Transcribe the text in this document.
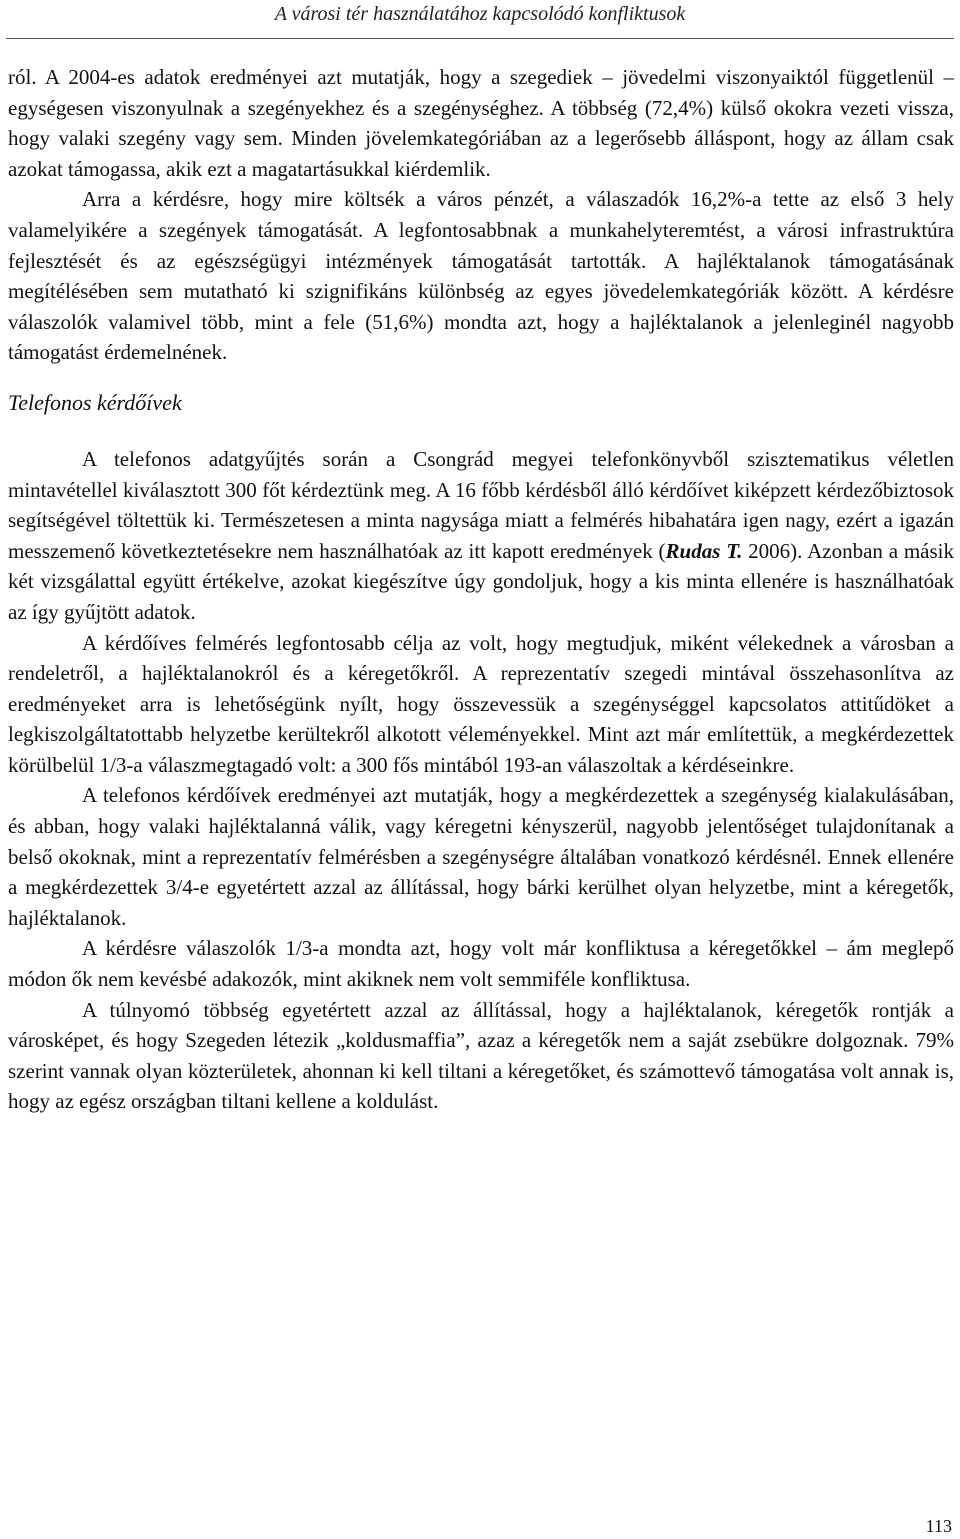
A városi tér használatához kapcsolódó konfliktusok

ról. A 2004-es adatok eredményei azt mutatják, hogy a szegediek – jövedelmi viszonyaiktól függetlenül – egységesen viszonyulnak a szegényekhez és a szegénységhez. A többség (72,4%) külső okokra vezeti vissza, hogy valaki szegény vagy sem. Minden jövelemkategóriában az a legerősebb álláspont, hogy az állam csak azokat támogassa, akik ezt a magatartásukkal kiérdemlik.

Arra a kérdésre, hogy mire költsék a város pénzét, a válaszadók 16,2%-a tette az első 3 hely valamelyikére a szegények támogatását. A legfontosabbnak a munkahelyteremtést, a városi infrastruktúra fejlesztését és az egészségügyi intézmények támogatását tartották. A hajléktalanok támogatásának megítélésében sem mutatható ki szignifikáns különbség az egyes jövedelemkategóriák között. A kérdésre válaszolók valamivel több, mint a fele (51,6%) mondta azt, hogy a hajléktalanok a jelenleginél nagyobb támogatást érdemelnének.

Telefonos kérdőívek

A telefonos adatgyűjtés során a Csongrád megyei telefonkönyvből szisztematikus véletlen mintavétellel kiválasztott 300 főt kérdeztünk meg. A 16 főbb kérdésből álló kérdőívet kiképzett kérdezőbiztosok segítségével töltettük ki. Természetesen a minta nagysága miatt a felmérés hibahatára igen nagy, ezért a igazán messzemenő következtetésekre nem használhatóak az itt kapott eredmények (Rudas T. 2006). Azonban a másik két vizsgálattal együtt értékelve, azokat kiegészítve úgy gondoljuk, hogy a kis minta ellenére is használhatóak az így gyűjtött adatok.

A kérdőíves felmérés legfontosabb célja az volt, hogy megtudjuk, miként vélekednek a városban a rendeletről, a hajléktalanokról és a kéregetőkről. A reprezentatív szegedi mintával összehasonlítva az eredményeket arra is lehetőségünk nyílt, hogy összevessük a szegénységgel kapcsolatos attitűdöket a legkiszolgáltatottabb helyzetbe kerültekről alkotott véleményekkel. Mint azt már említettük, a megkérdezettek körülbelül 1/3-a válaszmegtagadó volt: a 300 fős mintából 193-an válaszoltak a kérdéseinkre.

A telefonos kérdőívek eredményei azt mutatják, hogy a megkérdezettek a szegénység kialakulásában, és abban, hogy valaki hajléktalanná válik, vagy kéregetni kényszerül, nagyobb jelentőséget tulajdonítanak a belső okoknak, mint a reprezentatív felmérésben a szegénységre általában vonatkozó kérdésnél. Ennek ellenére a megkérdezettek 3/4-e egyetértett azzal az állítással, hogy bárki kerülhet olyan helyzetbe, mint a kéregetők, hajléktalanok.

A kérdésre válaszolók 1/3-a mondta azt, hogy volt már konfliktusa a kéregetőkkel – ám meglepő módon ők nem kevésbé adakozók, mint akiknek nem volt semmiféle konfliktusa.

A túlnyomó többség egyetértett azzal az állítással, hogy a hajléktalanok, kéregetők rontják a városképet, és hogy Szegeden létezik „koldusmaffia”, azaz a kéregetők nem a saját zsebükre dolgoznak. 79% szerint vannak olyan közterületek, ahonnan ki kell tiltani a kéregetőket, és számottevő támogatása volt annak is, hogy az egész országban tiltani kellene a koldulást.

113
